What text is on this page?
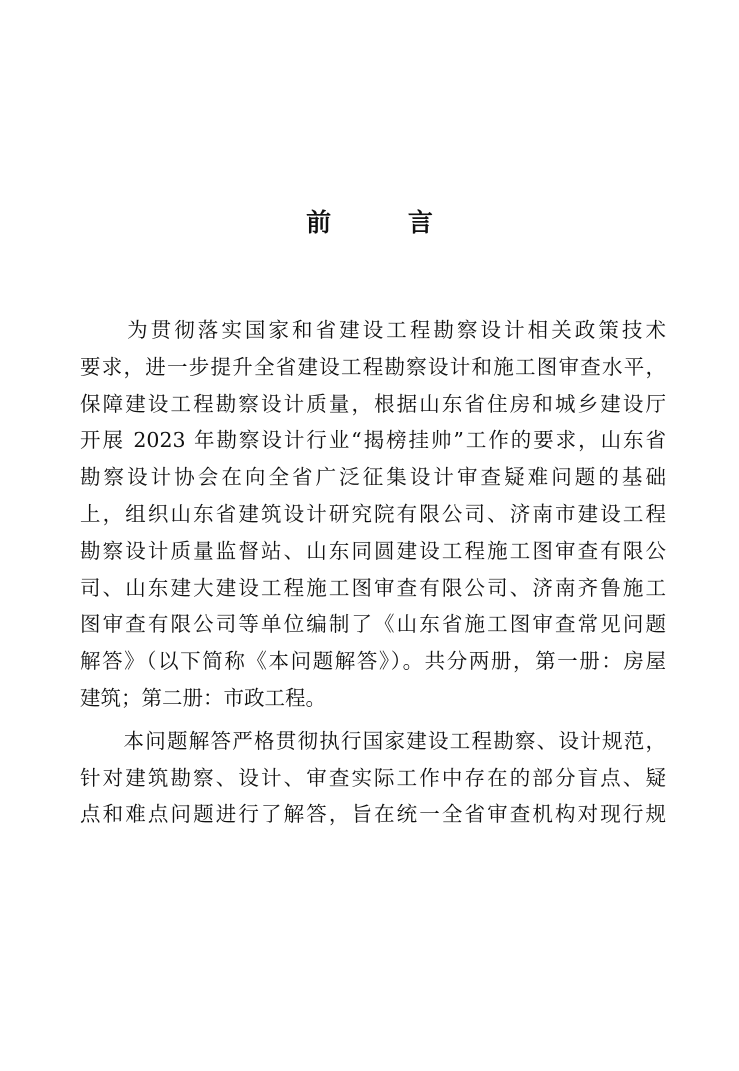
前 言

　　为贯彻落实国家和省建设工程勘察设计相关政策技术
要求，进一步提升全省建设工程勘察设计和施工图审查水平，
保障建设工程勘察设计质量，根据山东省住房和城乡建设厅
开展 2023 年勘察设计行业“揭榜挂帅”工作的要求，山东省
勘察设计协会在向全省广泛征集设计审查疑难问题的基础
上，组织山东省建筑设计研究院有限公司、济南市建设工程
勘察设计质量监督站、山东同圆建设工程施工图审查有限公
司、山东建大建设工程施工图审查有限公司、济南齐鲁施工
图审查有限公司等单位编制了《山东省施工图审查常见问题
解答》（以下简称《本问题解答》）。共分两册，第一册：房屋
建筑；第二册：市政工程。

　　本问题解答严格贯彻执行国家建设工程勘察、设计规范，
针对建筑勘察、设计、审查实际工作中存在的部分盲点、疑
点和难点问题进行了解答，旨在统一全省审查机构对现行规
